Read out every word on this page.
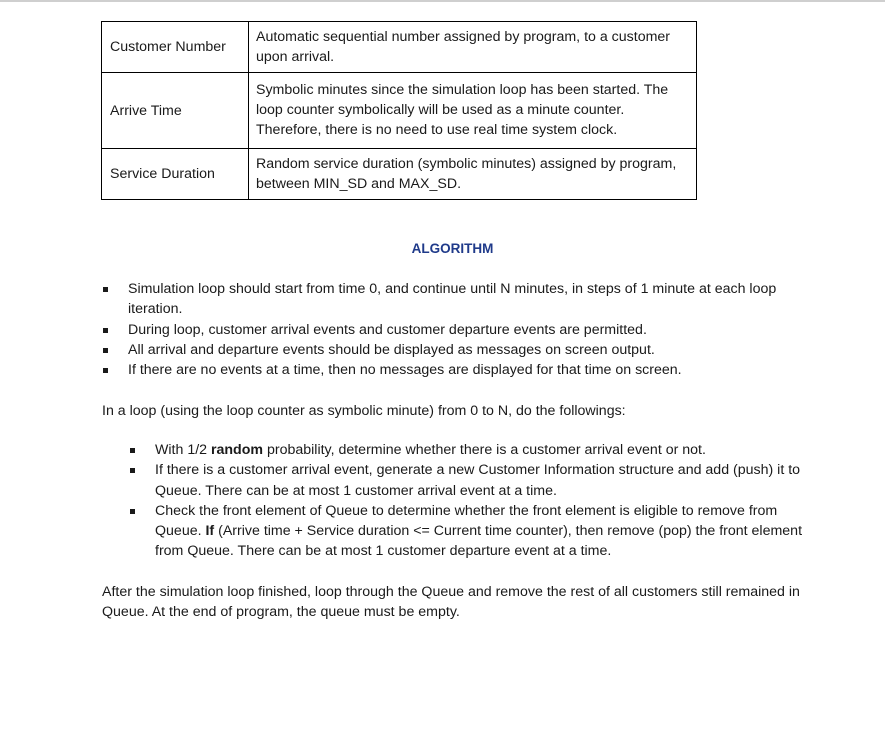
Customer Number	Automatic sequential number assigned by program, to a customer upon arrival.
Arrive Time	Symbolic minutes since the simulation loop has been started. The loop counter symbolically will be used as a minute counter. Therefore, there is no need to use real time system clock.
Service Duration	Random service duration (symbolic minutes) assigned by program, between MIN_SD and MAX_SD.
ALGORITHM
Simulation loop should start from time 0, and continue until N minutes, in steps of 1 minute at each loop iteration.
During loop, customer arrival events and customer departure events are permitted.
All arrival and departure events should be displayed as messages on screen output.
If there are no events at a time, then no messages are displayed for that time on screen.

In a loop (using the loop counter as symbolic minute) from 0 to N, do the followings:

With 1/2 random probability, determine whether there is a customer arrival event or not.
If there is a customer arrival event, generate a new Customer Information structure and add (push) it to Queue. There can be at most 1 customer arrival event at a time.
Check the front element of Queue to determine whether the front element is eligible to remove from Queue. If (Arrive time + Service duration <= Current time counter), then remove (pop) the front element from Queue. There can be at most 1 customer departure event at a time.

After the simulation loop finished, loop through the Queue and remove the rest of all customers still remained in Queue. At the end of program, the queue must be empty.
